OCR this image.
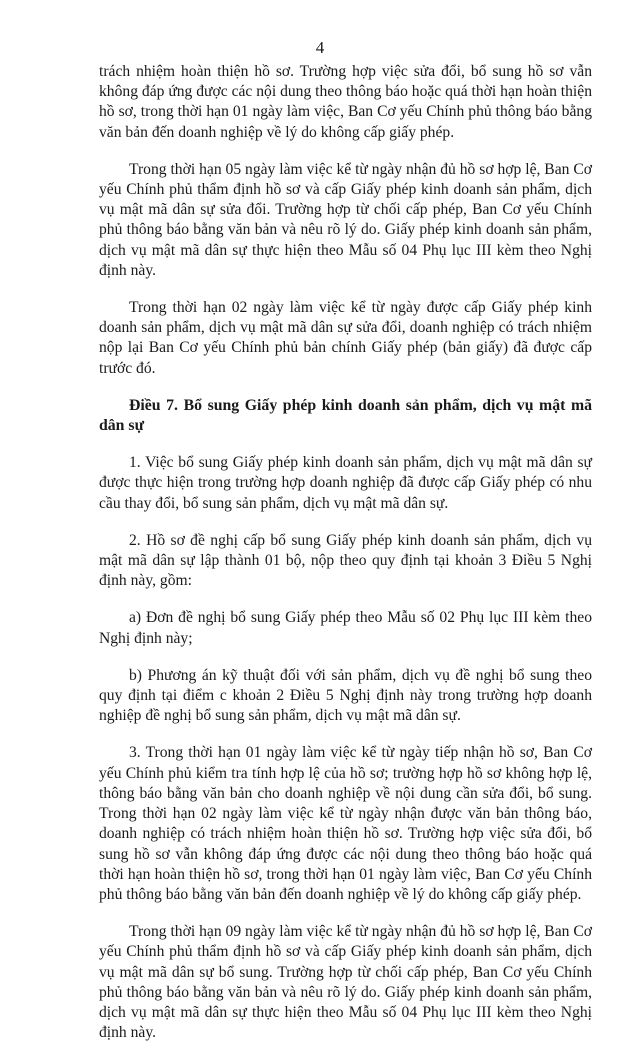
4

trách nhiệm hoàn thiện hồ sơ. Trường hợp việc sửa đổi, bổ sung hồ sơ vẫn không đáp ứng được các nội dung theo thông báo hoặc quá thời hạn hoàn thiện hồ sơ, trong thời hạn 01 ngày làm việc, Ban Cơ yếu Chính phủ thông báo bằng văn bản đến doanh nghiệp về lý do không cấp giấy phép.

Trong thời hạn 05 ngày làm việc kể từ ngày nhận đủ hồ sơ hợp lệ, Ban Cơ yếu Chính phủ thẩm định hồ sơ và cấp Giấy phép kinh doanh sản phẩm, dịch vụ mật mã dân sự sửa đổi. Trường hợp từ chối cấp phép, Ban Cơ yếu Chính phủ thông báo bằng văn bản và nêu rõ lý do. Giấy phép kinh doanh sản phẩm, dịch vụ mật mã dân sự thực hiện theo Mẫu số 04 Phụ lục III kèm theo Nghị định này.

Trong thời hạn 02 ngày làm việc kể từ ngày được cấp Giấy phép kinh doanh sản phẩm, dịch vụ mật mã dân sự sửa đổi, doanh nghiệp có trách nhiệm nộp lại Ban Cơ yếu Chính phủ bản chính Giấy phép (bản giấy) đã được cấp trước đó.

Điều 7. Bổ sung Giấy phép kinh doanh sản phẩm, dịch vụ mật mã dân sự

1. Việc bổ sung Giấy phép kinh doanh sản phẩm, dịch vụ mật mã dân sự được thực hiện trong trường hợp doanh nghiệp đã được cấp Giấy phép có nhu cầu thay đổi, bổ sung sản phẩm, dịch vụ mật mã dân sự.

2. Hồ sơ đề nghị cấp bổ sung Giấy phép kinh doanh sản phẩm, dịch vụ mật mã dân sự lập thành 01 bộ, nộp theo quy định tại khoản 3 Điều 5 Nghị định này, gồm:

a) Đơn đề nghị bổ sung Giấy phép theo Mẫu số 02 Phụ lục III kèm theo Nghị định này;

b) Phương án kỹ thuật đối với sản phẩm, dịch vụ đề nghị bổ sung theo quy định tại điểm c khoản 2 Điều 5 Nghị định này trong trường hợp doanh nghiệp đề nghị bổ sung sản phẩm, dịch vụ mật mã dân sự.

3. Trong thời hạn 01 ngày làm việc kể từ ngày tiếp nhận hồ sơ, Ban Cơ yếu Chính phủ kiểm tra tính hợp lệ của hồ sơ; trường hợp hồ sơ không hợp lệ, thông báo bằng văn bản cho doanh nghiệp về nội dung cần sửa đổi, bổ sung. Trong thời hạn 02 ngày làm việc kể từ ngày nhận được văn bản thông báo, doanh nghiệp có trách nhiệm hoàn thiện hồ sơ. Trường hợp việc sửa đổi, bổ sung hồ sơ vẫn không đáp ứng được các nội dung theo thông báo hoặc quá thời hạn hoàn thiện hồ sơ, trong thời hạn 01 ngày làm việc, Ban Cơ yếu Chính phủ thông báo bằng văn bản đến doanh nghiệp về lý do không cấp giấy phép.

Trong thời hạn 09 ngày làm việc kể từ ngày nhận đủ hồ sơ hợp lệ, Ban Cơ yếu Chính phủ thẩm định hồ sơ và cấp Giấy phép kinh doanh sản phẩm, dịch vụ mật mã dân sự bổ sung. Trường hợp từ chối cấp phép, Ban Cơ yếu Chính phủ thông báo bằng văn bản và nêu rõ lý do. Giấy phép kinh doanh sản phẩm, dịch vụ mật mã dân sự thực hiện theo Mẫu số 04 Phụ lục III kèm theo Nghị định này.
